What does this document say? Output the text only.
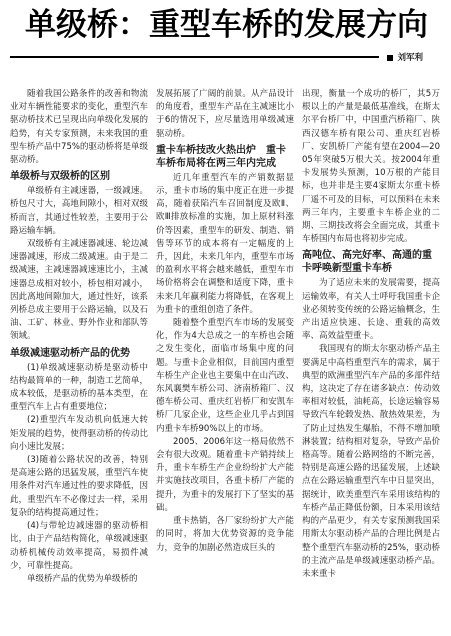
单级桥：重型车桥的发展方向
刘军利

随着我国公路条件的改善和物流业对车辆性能要求的变化，重型汽车驱动桥技术已呈现出向单级化发展的趋势，有关专家预测，未来我国的重型车桥产品中75%的驱动桥将是单级驱动桥。

单级桥与双级桥的区别

单级桥有主减速器，一级减速。桥包尺寸大，高地间隙小，相对双级桥而言，其通过性较差，主要用于公路运输车辆。

双级桥有主减速器减速、轮边减速器减速，形成二级减速。由于是二级减速，主减速器减速速比小，主减速器总成相对较小，桥包相对减小，因此离地间隙加大，通过性好，该系列桥总成主要用于公路运输，以及石油、工矿、林业、野外作业和部队等领域。

单级减速驱动桥产品的优势

(1)单级减速驱动桥是驱动桥中结构最简单的一种，制造工艺简单，成本较低，是驱动桥的基本类型，在重型汽车上占有重要地位；

(2)重型汽车发动机向低速大转矩发展的趋势，使得驱动桥的传动比向小速比发展；

(3)随着公路状况的改善，特别是高速公路的迅猛发展，重型汽车使用条件对汽车通过性的要求降低，因此，重型汽车不必像过去一样，采用复杂的结构提高通过性；

(4)与带轮边减速器的驱动桥相比，由于产品结构简化，单级减速驱动桥机械传动效率提高，易损件减少，可靠性提高。

单级桥产品的优势为单级桥的

发展拓展了广阔的前景。从产品设计的角度看，重型车产品在主减速比小于6的情况下，应尽量选用单级减速驱动桥。

重卡车桥技改火热出炉　重卡车桥布局将在两三年内完成

近几年重型汽车的产销数据显示，重卡市场的集中度正在进一步提高，随着获陷汽车召回制度及欧Ⅱ、欧Ⅲ排放标准的实施，加上原材料涨价等因素，重型车的研发、制造、销售等环节的成本将有一定幅度的上升，因此，未来几年内，重型车市场的盈利水平将会越来越低，重型车市场价格将会在调整和适度下降，重卡未来几年赢利能力将降低，在客观上为重卡的重组创造了条件。

随着整个重型汽车市场的发展变化，作为4大总成之一的车桥也会随之发生变化，面临市场集中度的问题。与重卡企业相似，目前国内重型车桥生产企业也主要集中在山汽改、东风襄樊车桥公司、济南桥箱厂、汉德车桥公司、重庆红岩桥厂和安凯车桥厂几家企业，这些企业几乎占到国内重卡车桥90%以上的市场。

2005、2006年这一格局依然不会有很大改观。随着重卡产销持续上升，重卡车桥生产企业纷纷扩大产能并实施技改项目，各重卡桥厂产能的提升，为重卡的发展打下了坚实的基础。

重卡热销，各厂家纷纷扩大产能的同时，将加大优势资源的竞争能力，竞争的加剧必然造成巨头的

出现，衡量一个成功的桥厂，其5万根以上的产量是最低基准线，在斯太尔平台桥厂中，中国重汽桥箱厂、陕西汉德车桥有限公司、重庆红岩桥厂、安凯桥厂产能有望在2004—2005年突破5万根大关。按2004年重卡发展势头预测，10万根的产能目标，也并非是主要4家斯太尔重卡桥厂遥不可及的目标，可以预料在未来两三年内，主要重卡车桥企业的二期、三期技改将会全面完成，其重卡车桥国内布局也将初步完成。

高吨位、高完好率、高通的重卡呼唤新型重卡车桥

为了适应未来的发展需要，提高运输效率，有关人士呼吁我国重卡企业必须转变传统的公路运输概念，生产出适应快速、长途、重载的高效率、高效益型重卡。

我国现有的斯太尔驱动桥产品主要满足中高档重型汽车的需求，属于典型的欧洲重型汽车产品的多部件结构，这决定了存在诸多缺点：传动效率相对较低，油耗高，长途运输容易导致汽车轮毂发热、散热效果差，为了防止过热发生爆胎，不得不增加喷淋装置；结构相对复杂，导致产品价格高等。随着公路网络的不断完善，特别是高速公路的迅猛发展，上述缺点在公路运输重型汽车中日显突出，据统计，欧美重型汽车采用该结构的车桥产品正降低份额，日本采用该结构的产品更少，有关专家预测我国采用斯太尔驱动桥产品的合理比例是占整个重型汽车驱动桥的25%，驱动桥的主流产品是单级减速驱动桥产品。未来重卡
